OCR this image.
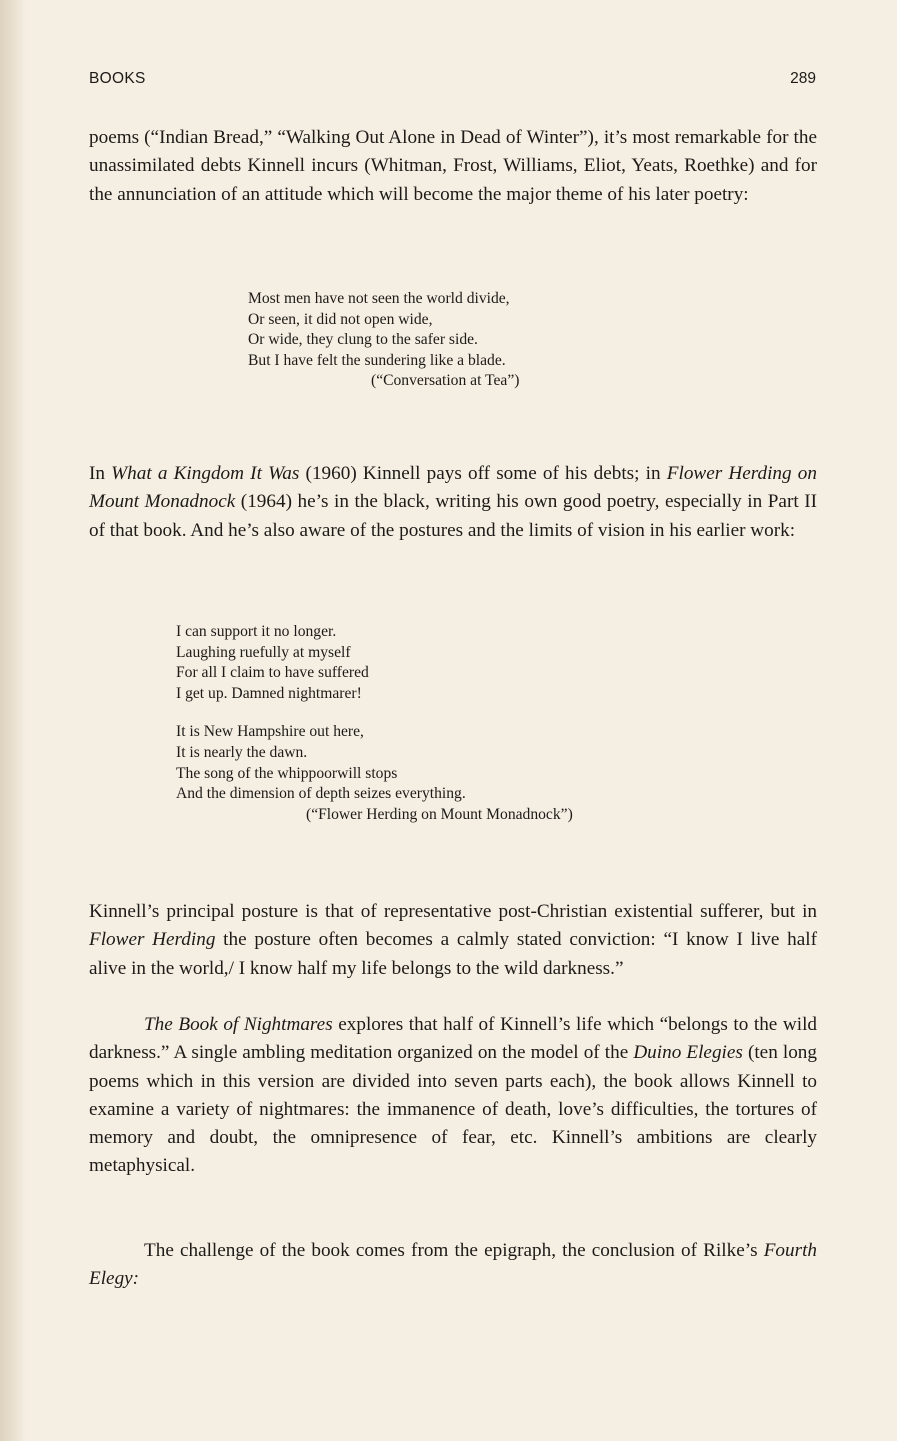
BOOKS	289

poems (“Indian Bread,” “Walking Out Alone in Dead of Winter”), it’s most remarkable for the unassimilated debts Kinnell incurs (Whitman, Frost, Williams, Eliot, Yeats, Roethke) and for the annunciation of an attitude which will become the major theme of his later poetry:

Most men have not seen the world divide,
Or seen, it did not open wide,
Or wide, they clung to the safer side.
But I have felt the sundering like a blade.
(“Conversation at Tea”)

In What a Kingdom It Was (1960) Kinnell pays off some of his debts; in Flower Herding on Mount Monadnock (1964) he’s in the black, writing his own good poetry, especially in Part II of that book. And he’s also aware of the postures and the limits of vision in his earlier work:

I can support it no longer.
Laughing ruefully at myself
For all I claim to have suffered
I get up. Damned nightmarer!
It is New Hampshire out here,
It is nearly the dawn.
The song of the whippoorwill stops
And the dimension of depth seizes everything.
(“Flower Herding on Mount Monadnock”)

Kinnell’s principal posture is that of representative post-Christian existential sufferer, but in Flower Herding the posture often becomes a calmly stated conviction: “I know I live half alive in the world,/ I know half my life belongs to the wild darkness.”

The Book of Nightmares explores that half of Kinnell’s life which “belongs to the wild darkness.” A single ambling meditation organized on the model of the Duino Elegies (ten long poems which in this version are divided into seven parts each), the book allows Kinnell to examine a variety of nightmares: the immanence of death, love’s difficulties, the tortures of memory and doubt, the omnipresence of fear, etc. Kinnell’s ambitions are clearly metaphysical.

The challenge of the book comes from the epigraph, the conclusion of Rilke’s Fourth Elegy:
